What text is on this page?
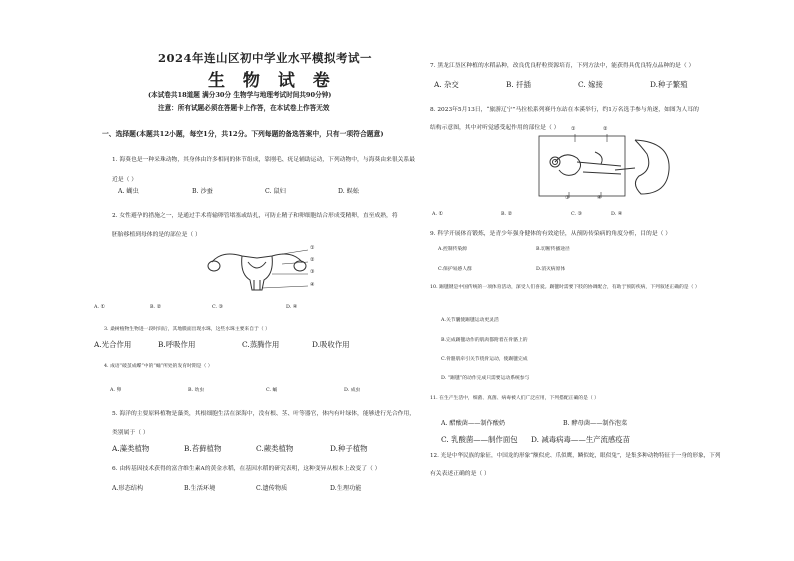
2024年连山区初中学业水平模拟考试一
生 物 试 卷
(本试卷共18道题 满分30分 生物学与地理考试时间共90分钟)
注意：所有试题必须在答题卡上作答，在本试卷上作答无效
一、选择题(本题共12小题，每空1分，共12分。下列每题的备选答案中，只有一项符合题意)
1. 海葵也是一种采珠动物，其身体由许多相同的体节组成，靠刚毛、疣足辅助运动，下列动物中，与海葵由来很关系最
近是（ ）
A. 蝴虫	B. 沙蚕	C. 鼠妇	D. 蜈蚣
2. 女性避孕的措施之一，是通过手术将输卵管堵塞或结扎，可防止精子和卵细胞结合形成受精卵，直至成熟，将
胚胎移植到母体的是的部位是（ ）
①
②
③
④
A. ①	B. ②	C. ③	D. ④
3. 桑树植物生物进一段时间后，其地膜面出现水珠，这些水珠主要来自于（ ）
A.光合作用	B.呼吸作用	C.蒸腾作用	D.吸收作用
4. 成语“破茧成蝶”中的“蛹”所处的发育时期是（ ）
A. 卵	B. 幼虫	C. 蛹	D. 成虫
5. 海洋的主要原料植物是藻类，其根细胞生活在深海中，没有根、茎、叶等器官，体内有叶绿体，能够进行光合作用，
类别属于（ ）
A.藻类植物	B.苔藓植物	C.蕨类植物	D.种子植物
6. 由转基因技术获得的富含维生素A的黄金水稻，在基因水稻的研究表明，这种变异从根本上改变了（ ）
A.形态结构	B.生活环境	C.遗传物质	D.生理功能
7. 黑龙江垦区种植的水稻品种，改良优良籽粒资源培育，下列方法中，能获得具优良特点品种的是（ ）
A. 杂交	B. 扦插	C. 嫁接	D.种子繁殖
8. 2023年5月13日，“旅游辽宁”马拉松系列赛丹东站在本溪举行，约1万名选手参与角逐，如图为人耳的
结构示意图，其中对听觉感受起作用的部位是（ ） ①	②
③	④
A. ①	B. ②	C. ③	D. ④
9. 科学开展体育锻炼，是青少年强身健体的有效途径，从预防传染病的角度分析，目的是（ ）
A.控制传染源	B.切断传播途径
C.保护易感人群	D.消灭病原体
10. 踢毽键是中国传统的一项体育活动，深受人们喜爱。踢毽时需要下肢的协调配合，有助于预防疾病，下列叙述正确的是（ ）
A.关节囊使踢毽运动更灵活
B.完成踢毽动作的肌肉都附着在骨骼上的
C.骨骼肌牵引关节绕骨运动，使踢毽完成
D. “踢毽”的动作完成只需要运动系统参与
11. 在生产生活中，细菌、真菌、病毒被人们广泛应用，下列搭配正确的是（ ）
A. 醋酸菌——制作酸奶	B. 酵母菌——制作泡菜
C. 乳酸菌——制作面包 D. 减毒病毒——生产流感疫苗
12. 光是中华民族的象征，中国龙的形象“额似虎、爪似鹰，鳞似蛇，眼似兔”，是集多种动物特征于一身的形象，下列
有关表述正确的是（ ）
